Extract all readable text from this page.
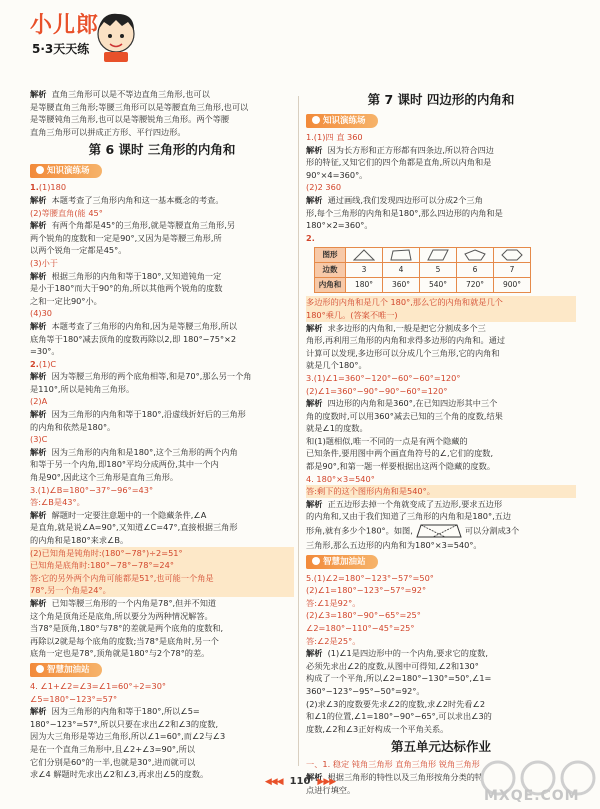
小儿郎
5·3天天练

解析 直角三角形可以是不等边直角三角形,也可以

是等腰直角三角形;等腰三角形可以是等腰直角三角形,也可以

是等腰钝角三角形,也可以是等腰锐角三角形。两个等腰

直角三角形可以拼成正方形、平行四边形。

第 6 课时 三角形的内角和
知识演练场

1.(1)180

解析 本题考查了三角形内角和这一基本概念的考查。

(2)等腰直角(能 45°

解析 有两个角都是45°的三角形,就是等腰直角三角形,另

两个锐角的度数和一定是90°,又因为是等腰三角形,所

以两个锐角一定都是45°。

(3)小于

解析 根据三角形的内角和等于180°,又知道钝角一定

是小于180°而大于90°的角,所以其他两个锐角的度数

之和一定比90°小。

(4)30

解析 本题考查了三角形的内角和,因为是等腰三角形,所以

底角等于180°减去顶角的度数再除以2,即 180°−75°×2

=30°。

2.(1)C

解析 因为等腰三角形的两个底角相等,和是70°,那么另一个角

是110°,所以是钝角三角形。

(2)A

解析 因为三角形的内角和等于180°,沿虚线折好后的三角形

的内角和依然是180°。

(3)C

解析 因为三角形的内角和是180°,这个三角形的两个内角

和等于另一个内角,即180°平均分成两份,其中一个内

角是90°,因此这个三角形是直角三角形。

3.(1)∠B=180°−37°−96°=43°

答:∠B是43°。

解析 解题时一定要注意题中的一个隐藏条件,∠A

是直角,就是说∠A=90°,又知道∠C=47°,直接根据三角形

的内角和是180°来求∠B。

(2)已知角是钝角时:(180°−78°)÷2=51°

已知角是底角时:180°−78°−78°=24°

答:它的另外两个内角可能都是51°,也可能一个角是

78°,另一个角是24°。

解析 已知等腰三角形的一个内角是78°,但并不知道

这个角是顶角还是底角,所以要分为两种情况解答。

当78°是顶角,180°与78°的差就是两个底角的度数和,

再除以2就是每个底角的度数;当78°是底角时,另一个

底角一定也是78°,顶角就是180°与2个78°的差。

智慧加油站

4. ∠1+∠2=∠3=∠1=60°÷2=30°

∠5=180°−123°=57°

解析 因为三角形的内角和等于180°,所以∠5=

180°−123°=57°,所以只要在求出∠2和∠3的度数,

因为大三角形是等边三角形,所以∠1=60°,而∠2与∠3

是在一个直角三角形中,且∠2+∠3=90°,所以

它们分别是60°的一半,也就是30°,进而就可以

求∠4 解题时先求出∠2和∠3,再求出∠5的度数。

第 7 课时 四边形的内角和
知识演练场

1.(1)四 直 360

解析 因为长方形和正方形都有四条边,所以符合四边

形的特征,又知它们的四个角都是直角,所以内角和是

90°×4=360°。

(2)2 360

解析 通过画线,我们发现四边形可以分成2个三角

形,每个三角形的内角和是180°,那么四边形的内角和是

180°×2=360°。

2.

图形					
边数	3	4	5	6	7
内角和	180°	360°	540°	720°	900°

多边形的内角和是几个 180°,那么它的内角和就是几个

180°乘几。(答案不唯一)

解析 求多边形的内角和,一般是把它分割成多个三

角形,再利用三角形的内角和求得多边形的内角和。通过

计算可以发现,多边形可以分成几个三角形,它的内角和

就是几个180°。

3.(1)∠1=360°−120°−60°−60°=120°

(2)∠1=360°−90°−90°−60°=120°

解析 四边形的内角和是360°,在已知四边形其中三个

角的度数时,可以用360°减去已知的三个角的度数,结果

就是∠1的度数。

和(1)题相似,唯一不同的一点是有两个隐藏的

已知条件,要用图中两个画直角符号的∠,它们的度数,

都是90°,和第一题一样要根据出这两个隐藏的度数。

4. 180°×3=540°

答:剩下的这个图形内角和是540°。

解析 正五边形去掉一个角就变成了五边形,要求五边形

的内角和,又由于我们知道了三角形的内角和是180°,五边

形角,就有多少个180°。如图,	可以分割成3个

三角形,那么五边形的内角和为180°×3=540°。

智慧加油站

5.(1)∠2=180°−123°−57°=50°

(2)∠1=180°−123°−57°=92°

答:∠1是92°。

(2)∠3=180°−90°−65°=25°

∠2=180°−110°−45°=25°

答:∠2是25°。

解析 (1)∠1是四边形中的一个内角,要求它的度数,

必须先求出∠2的度数,从图中可得知,∠2和130°

构成了一个平角,所以∠2=180°−130°=50°,∠1=

360°−123°−95°−50°=92°。

(2)求∠3的度数要先求∠2的度数,求∠2时先看∠2

和∠1的位置,∠1=180°−90°−65°,可以求出∠3的

度数,∠2和∠3正好构成一个平角关系。

第五单元达标作业

一、1. 稳定 钝角三角形 直角三角形 锐角三角形

解析 根据三角形的特性以及三角形按角分类的特

点进行填空。

◀◀◀ 110 ▶▶▶
MXQE.COM
